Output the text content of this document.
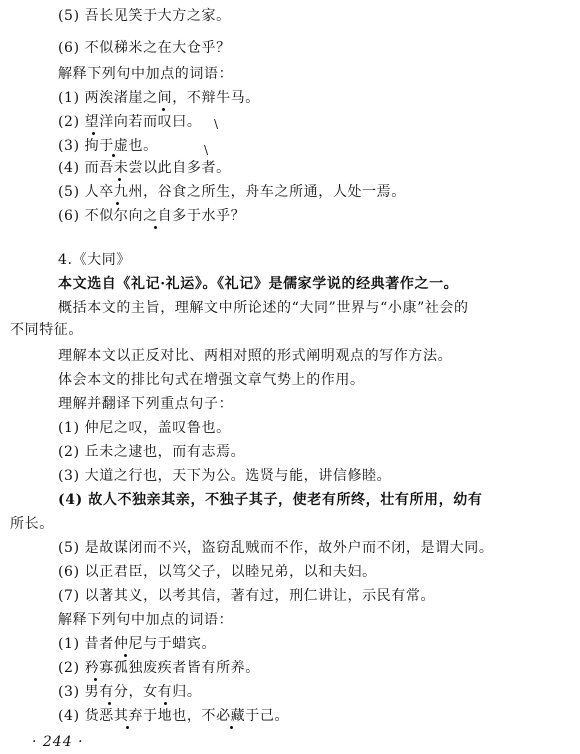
(5) 吾长见笑于大方之家。
(6) 不似稊米之在大仓乎？
解释下列句中加点的词语：
(1) 两涘渚崖之间，不辩牛马。
(2) 望洋向若而叹曰。
(3) 拘于虚也。
(4) 而吾未尝以此自多者。
(5) 人卒九州，谷食之所生，舟车之所通，人处一焉。
(6) 不似尔向之自多于水乎？
4.《大同》
本文选自《礼记·礼运》。《礼记》是儒家学说的经典著作之一。
概括本文的主旨，理解文中所论述的“大同”世界与“小康”社会的
不同特征。
理解本文以正反对比、两相对照的形式阐明观点的写作方法。
体会本文的排比句式在增强文章气势上的作用。
理解并翻译下列重点句子：
(1) 仲尼之叹，盖叹鲁也。
(2) 丘未之逮也，而有志焉。
(3) 大道之行也，天下为公。选贤与能，讲信修睦。
(4) 故人不独亲其亲，不独子其子，使老有所终，壮有所用，幼有
所长。
(5) 是故谋闭而不兴，盗窃乱贼而不作，故外户而不闭，是谓大同。
(6) 以正君臣，以笃父子，以睦兄弟，以和夫妇。
(7) 以著其义，以考其信，著有过，刑仁讲让，示民有常。
解释下列句中加点的词语：
(1) 昔者仲尼与于蜡宾。
(2) 矜寡孤独废疾者皆有所养。
(3) 男有分，女有归。
(4) 货恶其弃于地也，不必藏于己。
\
\
· 244 ·
